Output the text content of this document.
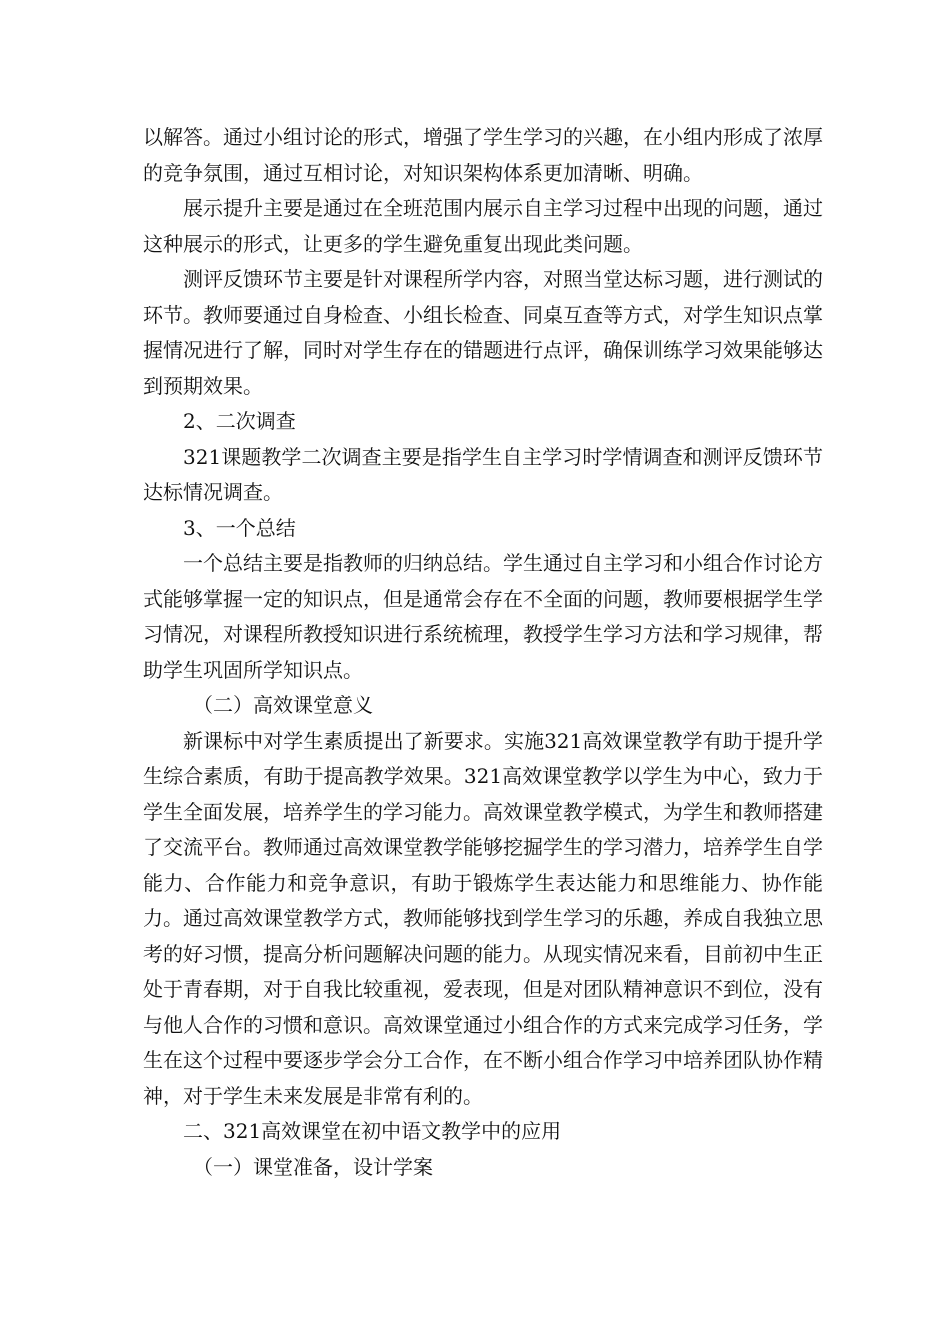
以解答。通过小组讨论的形式，增强了学生学习的兴趣，在小组内形成了浓厚的竞争氛围，通过互相讨论，对知识架构体系更加清晰、明确。

展示提升主要是通过在全班范围内展示自主学习过程中出现的问题，通过这种展示的形式，让更多的学生避免重复出现此类问题。

测评反馈环节主要是针对课程所学内容，对照当堂达标习题，进行测试的环节。教师要通过自身检查、小组长检查、同桌互查等方式，对学生知识点掌握情况进行了解，同时对学生存在的错题进行点评，确保训练学习效果能够达到预期效果。

2、二次调查

321课题教学二次调查主要是指学生自主学习时学情调查和测评反馈环节达标情况调查。

3、一个总结

一个总结主要是指教师的归纳总结。学生通过自主学习和小组合作讨论方式能够掌握一定的知识点，但是通常会存在不全面的问题，教师要根据学生学习情况，对课程所教授知识进行系统梳理，教授学生学习方法和学习规律，帮助学生巩固所学知识点。

（二）高效课堂意义

新课标中对学生素质提出了新要求。实施321高效课堂教学有助于提升学生综合素质，有助于提高教学效果。321高效课堂教学以学生为中心，致力于学生全面发展，培养学生的学习能力。高效课堂教学模式，为学生和教师搭建了交流平台。教师通过高效课堂教学能够挖掘学生的学习潜力，培养学生自学能力、合作能力和竞争意识，有助于锻炼学生表达能力和思维能力、协作能力。通过高效课堂教学方式，教师能够找到学生学习的乐趣，养成自我独立思考的好习惯，提高分析问题解决问题的能力。从现实情况来看，目前初中生正处于青春期，对于自我比较重视，爱表现，但是对团队精神意识不到位，没有与他人合作的习惯和意识。高效课堂通过小组合作的方式来完成学习任务，学生在这个过程中要逐步学会分工合作，在不断小组合作学习中培养团队协作精神，对于学生未来发展是非常有利的。

二、321高效课堂在初中语文教学中的应用

（一）课堂准备，设计学案
